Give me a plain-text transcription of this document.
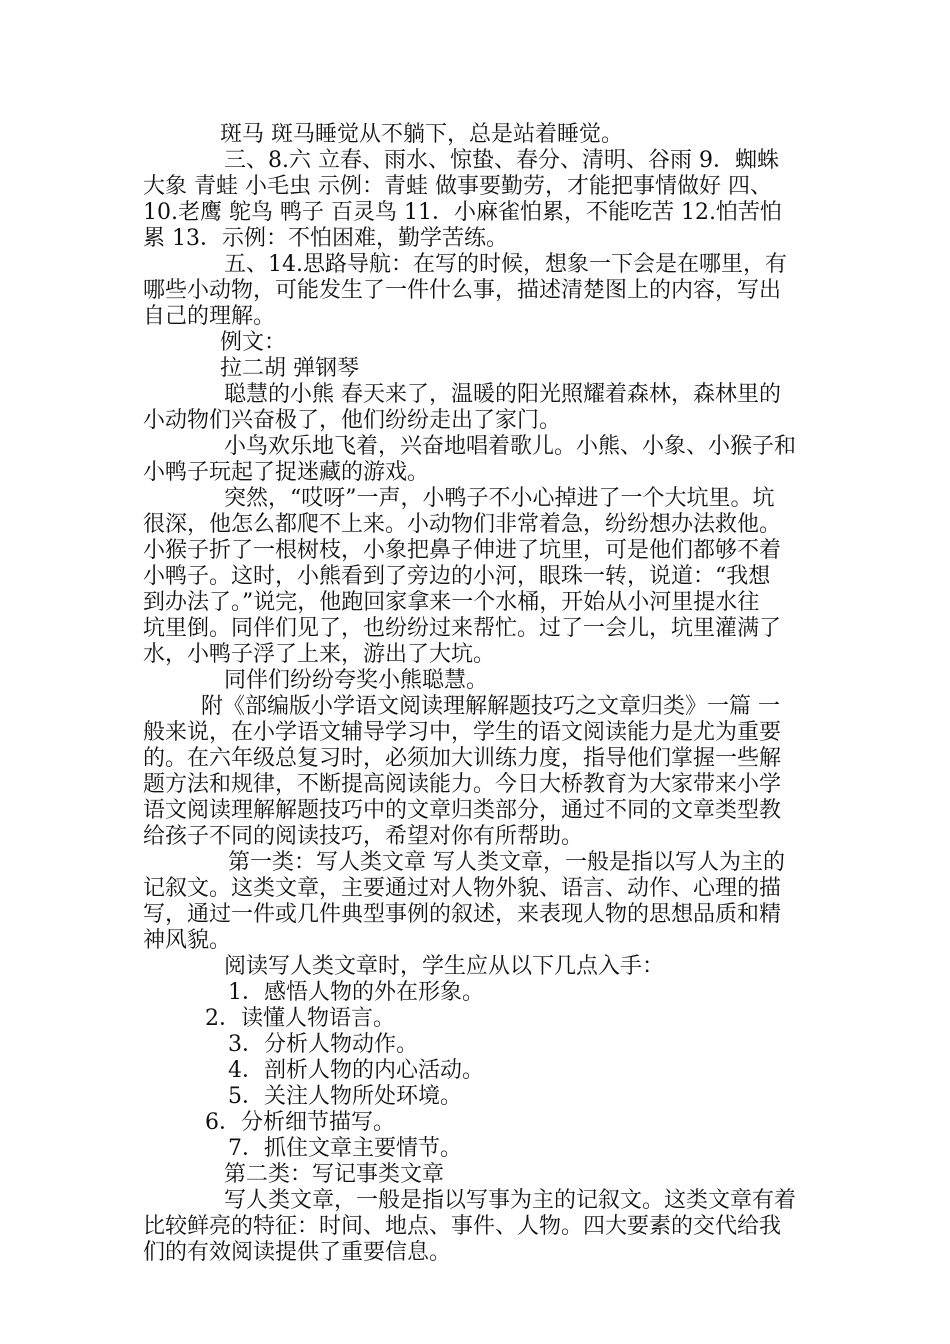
斑马 斑马睡觉从不躺下，总是站着睡觉。
三、8.六 立春、雨水、惊蛰、春分、清明、谷雨 9．蜘蛛
大象 青蛙 小毛虫 示例：青蛙 做事要勤劳，才能把事情做好 四、
10.老鹰 鸵鸟 鸭子 百灵鸟 11．小麻雀怕累，不能吃苦 12.怕苦怕
累 13．示例：不怕困难，勤学苦练。
五、14.思路导航：在写的时候，想象一下会是在哪里，有
哪些小动物，可能发生了一件什么事，描述清楚图上的内容，写出
自己的理解。
例文：
拉二胡 弹钢琴
聪慧的小熊 春天来了，温暖的阳光照耀着森林，森林里的
小动物们兴奋极了，他们纷纷走出了家门。
小鸟欢乐地飞着，兴奋地唱着歌儿。小熊、小象、小猴子和
小鸭子玩起了捉迷藏的游戏。
突然，“哎呀”一声，小鸭子不小心掉进了一个大坑里。坑
很深，他怎么都爬不上来。小动物们非常着急，纷纷想办法救他。
小猴子折了一根树枝，小象把鼻子伸进了坑里，可是他们都够不着
小鸭子。这时，小熊看到了旁边的小河，眼珠一转，说道：“我想
到办法了。”说完，他跑回家拿来一个水桶，开始从小河里提水往
坑里倒。同伴们见了，也纷纷过来帮忙。过了一会儿，坑里灌满了
水，小鸭子浮了上来，游出了大坑。
同伴们纷纷夸奖小熊聪慧。
附《部编版小学语文阅读理解解题技巧之文章归类》一篇 一
般来说，在小学语文辅导学习中，学生的语文阅读能力是尤为重要
的。在六年级总复习时，必须加大训练力度，指导他们掌握一些解
题方法和规律，不断提高阅读能力。今日大桥教育为大家带来小学
语文阅读理解解题技巧中的文章归类部分，通过不同的文章类型教
给孩子不同的阅读技巧，希望对你有所帮助。
第一类：写人类文章 写人类文章，一般是指以写人为主的
记叙文。这类文章，主要通过对人物外貌、语言、动作、心理的描
写，通过一件或几件典型事例的叙述，来表现人物的思想品质和精
神风貌。
阅读写人类文章时，学生应从以下几点入手：
1．感悟人物的外在形象。
2．读懂人物语言。
3．分析人物动作。
4．剖析人物的内心活动。
5．关注人物所处环境。
6．分析细节描写。
7．抓住文章主要情节。
第二类：写记事类文章
写人类文章，一般是指以写事为主的记叙文。这类文章有着
比较鲜亮的特征：时间、地点、事件、人物。四大要素的交代给我
们的有效阅读提供了重要信息。
